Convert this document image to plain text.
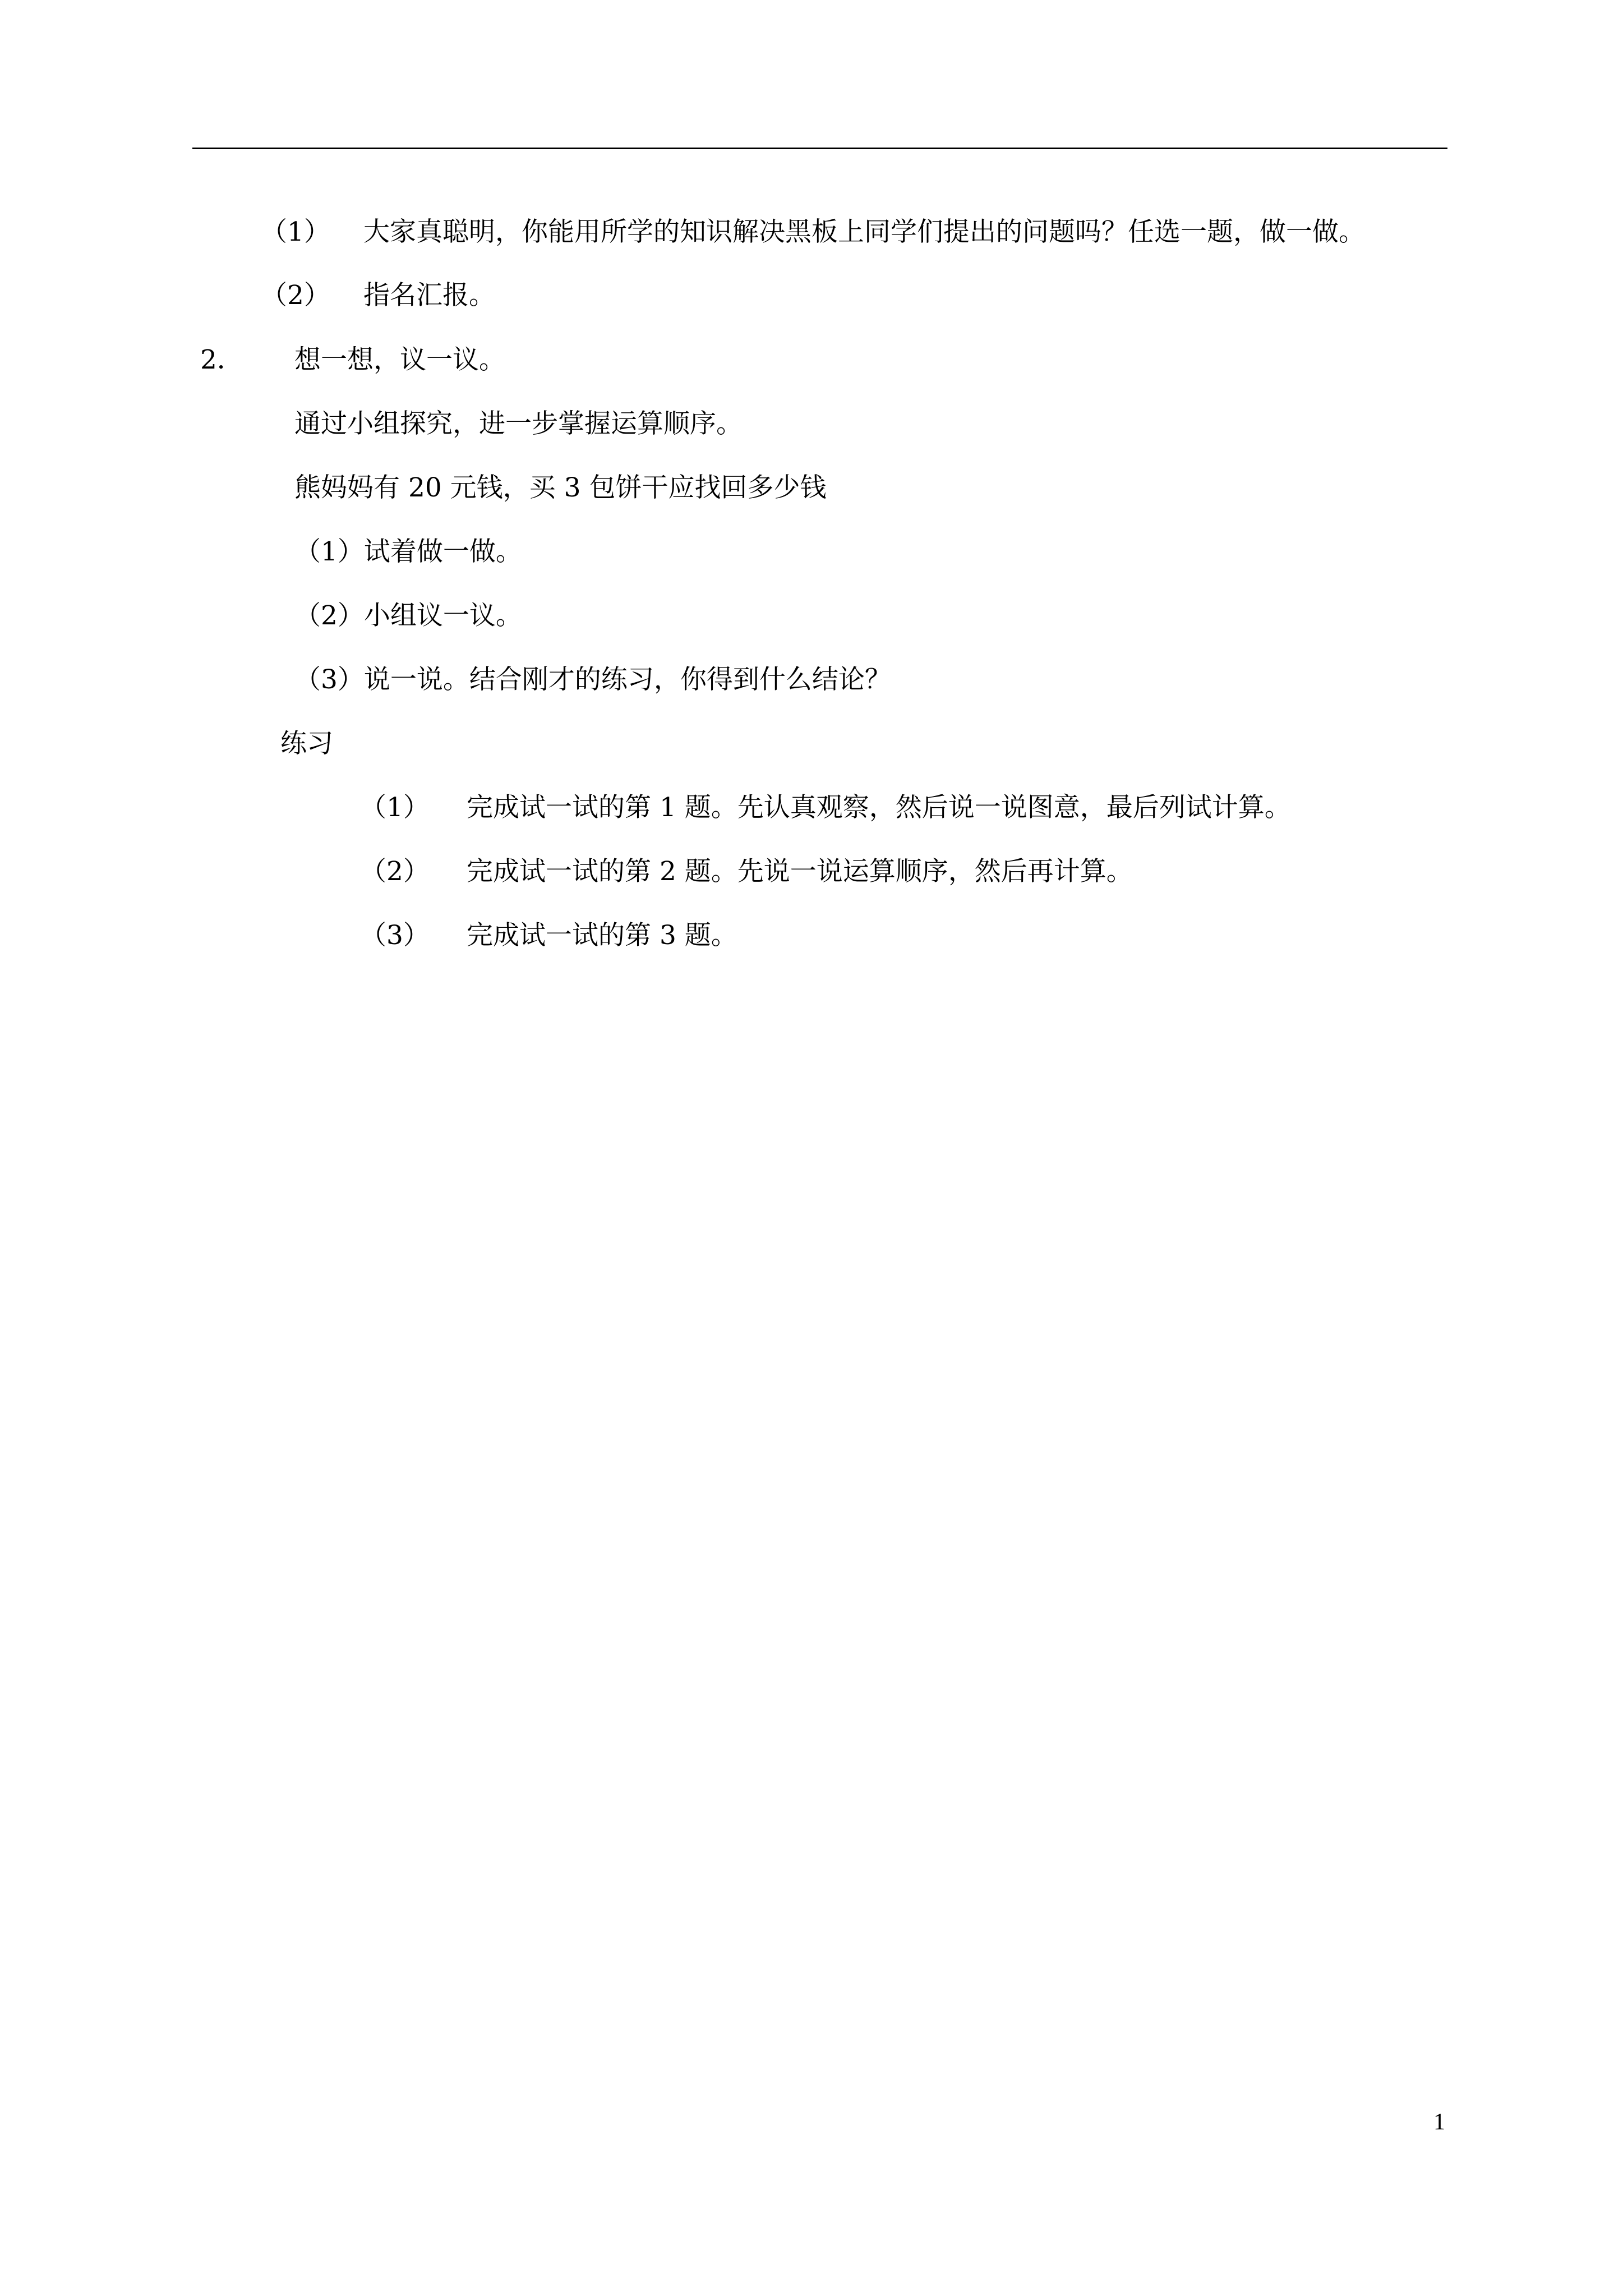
（1） 大家真聪明，你能用所学的知识解决黑板上同学们提出的问题吗？任选一题，做一做。
（2） 指名汇报。
2． 想一想，议一议。
通过小组探究，进一步掌握运算顺序。
熊妈妈有 20 元钱，买 3 包饼干应找回多少钱
（1）试着做一做。
（2）小组议一议。
（3）说一说。结合刚才的练习，你得到什么结论？
练习
（1） 完成试一试的第 1 题。先认真观察，然后说一说图意，最后列试计算。
（2） 完成试一试的第 2 题。先说一说运算顺序，然后再计算。
（3） 完成试一试的第 3 题。
1
